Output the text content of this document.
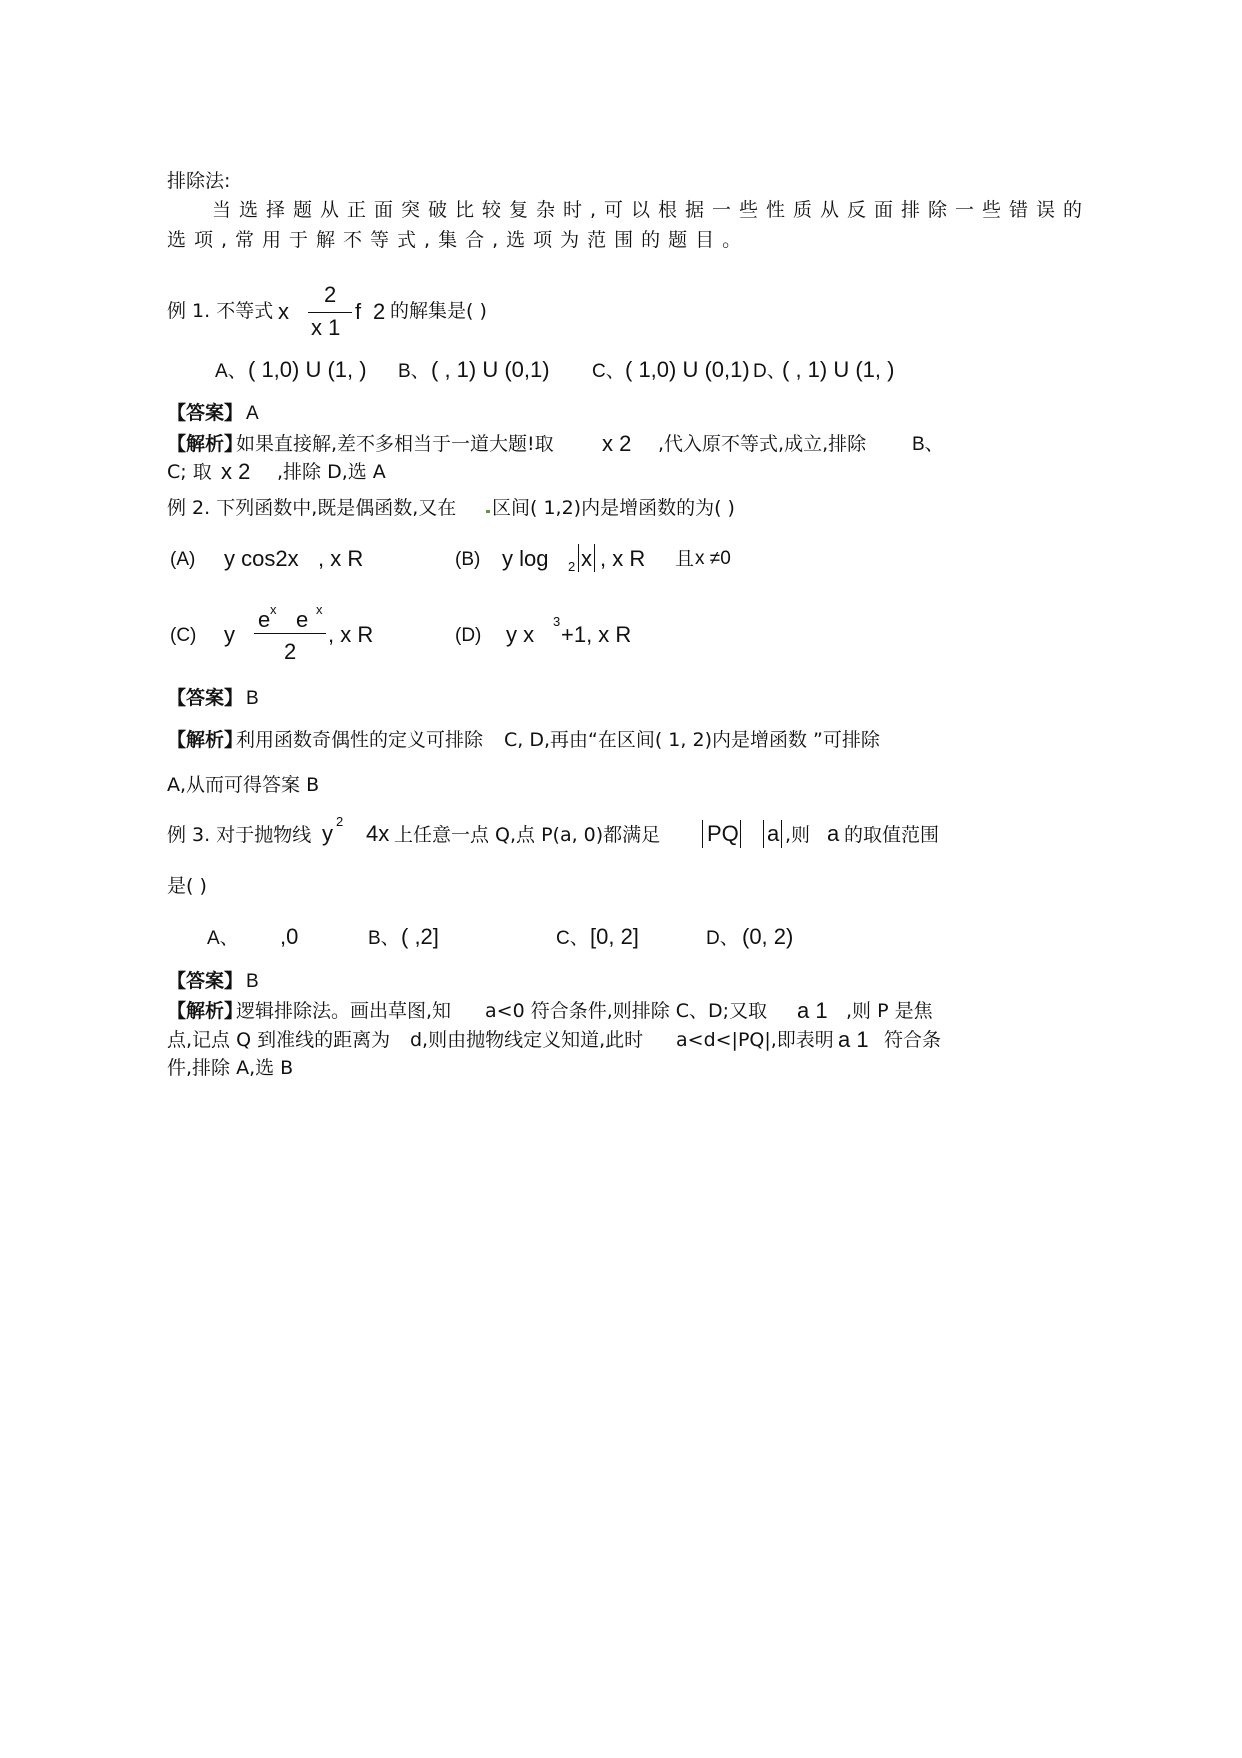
排除法:
当选择题从正面突破比较复杂时,可以根据一些性质从反面排除一些错误的
选项,常用于解不等式,集合,选项为范围的题目。
例 1. 不等式 x
2
x 1
f 2 的解集是( )
A、 ( 1,0) U (1, ) B、 ( , 1) U (0,1) C、 ( 1,0) U (0,1) D、
( , 1) U (1, )
【答案】 A
【解析】
如果直接解,差不多相当于一道大题!取 x 2 ,代入原不等式,成立,排除 B、
C; 取 x 2 ,排除 D,选 A
例 2. 下列函数中,既是偶函数,又在 区间( 1,2)内是增函数的为( )
(A) y cos2x , x R	(B) y log 2 x , x R 且 x ≠0
(C) y
e x e x
2
, x R	(D) y x
3
+1, x R
【答案】 B
【解析】
利用函数奇偶性的定义可排除 C, D,再由“在区间( 1, 2)内是增函数 ”可排除
A,从而可得答案 B
例 3. 对于抛物线 y 2 4x 上任意一点 Q,点 P(a, 0)都满足 PQ a ,则 a 的取值范围
是( )
A、 ,0	B、 ( ,2]	C、 [0, 2]	D、 (0, 2)
【答案】 B
【解析】
逻辑排除法。画出草图,知 a<0 符合条件,则排除 C、D;又取 a 1 ,则 P 是焦
点,记点 Q 到准线的距离为 d,则由抛物线定义知道,此时 a<d<|PQ|,即表明 a 1 符合条
件,排除 A,选 B
